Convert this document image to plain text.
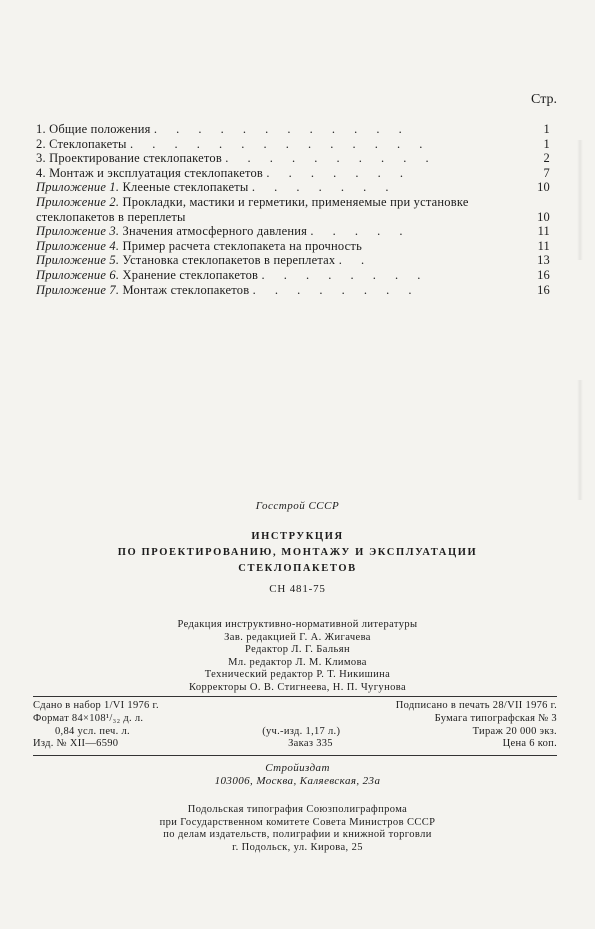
Стр.
1. Общие положения . . . . . . . . . . . .	1
2. Стеклопакеты . . . . . . . . . . . . . .	1
3. Проектирование стеклопакетов . . . . . . . . . .	2
4. Монтаж и эксплуатация стеклопакетов . . . . . . .	7
Приложение 1. Клееные стеклопакеты . . . . . . .	10
Приложение 2. Прокладки, мастики и герметики, применяемые при установке стеклопакетов в переплеты	10
Приложение 3. Значения атмосферного давления . . . . .	11
Приложение 4. Пример расчета стеклопакета на прочность	11
Приложение 5. Установка стеклопакетов в переплетах . .	13
Приложение 6. Хранение стеклопакетов . . . . . . . .	16
Приложение 7. Монтаж стеклопакетов . . . . . . . .	16
Госстрой СССР
ИНСТРУКЦИЯ
ПО ПРОЕКТИРОВАНИЮ, МОНТАЖУ И ЭКСПЛУАТАЦИИ
СТЕКЛОПАКЕТОВ
СН 481-75
Редакция инструктивно-нормативной литературы
Зав. редакцией Г. А. Жигачева
Редактор Л. Г. Бальян
Мл. редактор Л. М. Климова
Технический редактор Р. Т. Никишина
Корректоры О. В. Стигнеева, Н. П. Чугунова
Сдано в набор 1/VI 1976 г.	Подписано в печать 28/VII 1976 г.
Формат 84×108¹/₃₂ д. л.	Бумага типографская № 3
0,84 усл. печ. л.	(уч.-изд. 1,17 л.)	Тираж 20 000 экз.
Изд. № XII—6590	Заказ 335	Цена 6 коп.
Стройиздат
103006, Москва, Каляевская, 23а
Подольская типография Союзполиграфпрома
при Государственном комитете Совета Министров СССР
по делам издательств, полиграфии и книжной торговли
г. Подольск, ул. Кирова, 25
